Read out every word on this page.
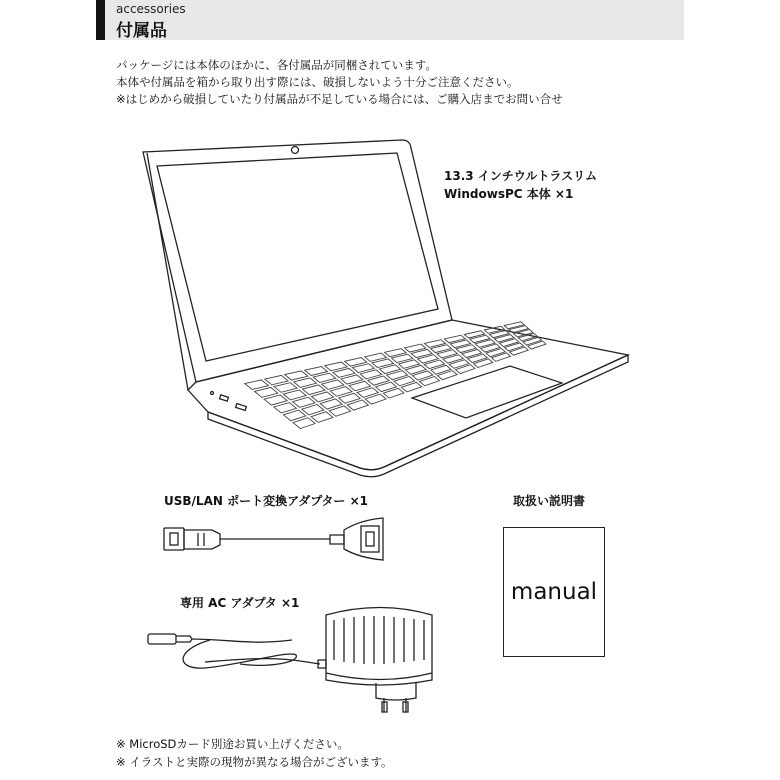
accessories
付属品
パッケージには本体のほかに、各付属品が同梱されています。
本体や付属品を箱から取り出す際には、破損しないよう十分ご注意ください。
※はじめから破損していたり付属品が不足している場合には、ご購入店までお問い合せ
13.3 インチウルトラスリム
WindowsPC 本体 ×1
USB/LAN ポート変換アダプター ×1	取扱い説明書
専用 AC アダプタ ×1	manual
※ MicroSDカード別途お買い上げください。
※ イラストと実際の現物が異なる場合がございます。
